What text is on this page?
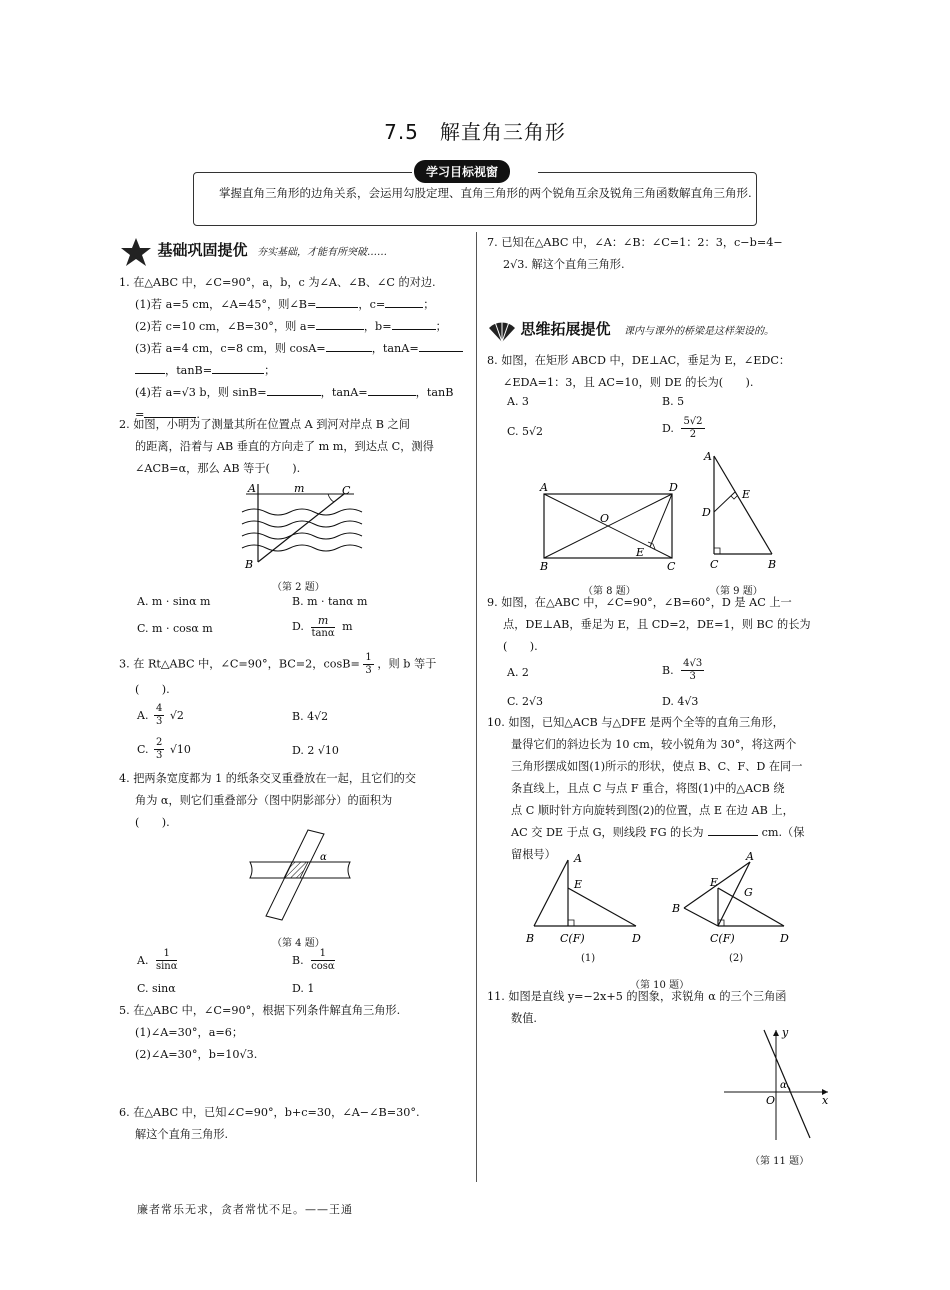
7.5　解直角三角形
学习目标视窗
掌握直角三角形的边角关系，会运用勾股定理、直角三角形的两个锐角互余及锐角三角函数解直角三角形.
基础巩固提优 夯实基础，才能有所突破……
1. 在△ABC 中，∠C=90°，a，b，c 为∠A、∠B、∠C 的对边.
(1)若 a=5 cm，∠A=45°，则∠B=	，c=	；
(2)若 c=10 cm，∠B=30°，则 a=	，b=	；
(3)若 a=4 cm，c=8 cm，则 cosA=	，tanA=
，tanB=	；
(4)若 a=√3 b，则 sinB=	，tanA=	，tanB
=	.
2. 如图，小明为了测量其所在位置点 A 到河对岸点 B 之间
的距离，沿着与 AB 垂直的方向走了 m m，到达点 C，测得
∠ACB=α，那么 AB 等于(　　).
A	m	C
B
（第 2 题）
A. m · sinα m	B. m · tanα m
C. m · cosα m	D. $\frac{m}{\tan\alpha}$ m
3. 在 Rt△ABC 中，∠C=90°，BC=2，$\cos B= \frac{1}{3}$ ，则 b 等于
(　　).
A. $\frac{4}{3} √2$	B. 4√2
C. $\frac{2}{3} √10$	D. 2 √10
4. 把两条宽度都为 1 的纸条交叉重叠放在一起，且它们的交
角为 α，则它们重叠部分（图中阴影部分）的面积为
(　　).
α
（第 4 题）
A. $\frac{1}{\sin\alpha}$	B. $\frac{1}{\cos\alpha}$
C. sinα	D. 1
5. 在△ABC 中，∠C=90°，根据下列条件解直角三角形.
(1)∠A=30°，a=6；
(2)∠A=30°，b=10√3.
6. 在△ABC 中，已知∠C=90°，b+c=30，∠A−∠B=30°.
解这个直角三角形.
7. 已知在△ABC 中，∠A：∠B：∠C=1：2：3，c−b=4−
2√3. 解这个直角三角形.
思维拓展提优 课内与课外的桥梁是这样架设的。
8. 如图，在矩形 ABCD 中，DE⊥AC，垂足为 E，∠EDC：
∠EDA=1：3，且 AC=10，则 DE 的长为(　　).
A. 3	B. 5
C. 5√2	D. $\frac{5√2}{2}$
A	D
O
E
B	C
（第 8 题）
A
E
D
C	B
（第 9 题）
9. 如图，在△ABC 中，∠C=90°，∠B=60°，D 是 AC 上一
点，DE⊥AB，垂足为 E，且 CD=2，DE=1，则 BC 的长为
(　　).
A. 2	B. $\frac{4√3}{3}$
C. 2√3	D. 4√3
10. 如图，已知△ACB 与△DFE 是两个全等的直角三角形，
量得它们的斜边长为 10 cm，较小锐角为 30°，将这两个
三角形摆成如图(1)所示的形状，使点 B、C、F、D 在同一
条直线上，且点 C 与点 F 重合，将图(1)中的△ACB 绕
点 C 顺时针方向旋转到图(2)的位置，点 E 在边 AB 上，
AC 交 DE 于点 G，则线段 FG 的长为	cm.（保
留根号）	A
E
B C(F)	D
(1)
A
E
G
B
C(F)	D
(2)
（第 10 题）
11. 如图是直线 y=−2x+5 的图象，求锐角 α 的三个三角函
数值.
y
x
O
α
（第 11 题）
廉者常乐无求，贪者常忧不足。——王通
